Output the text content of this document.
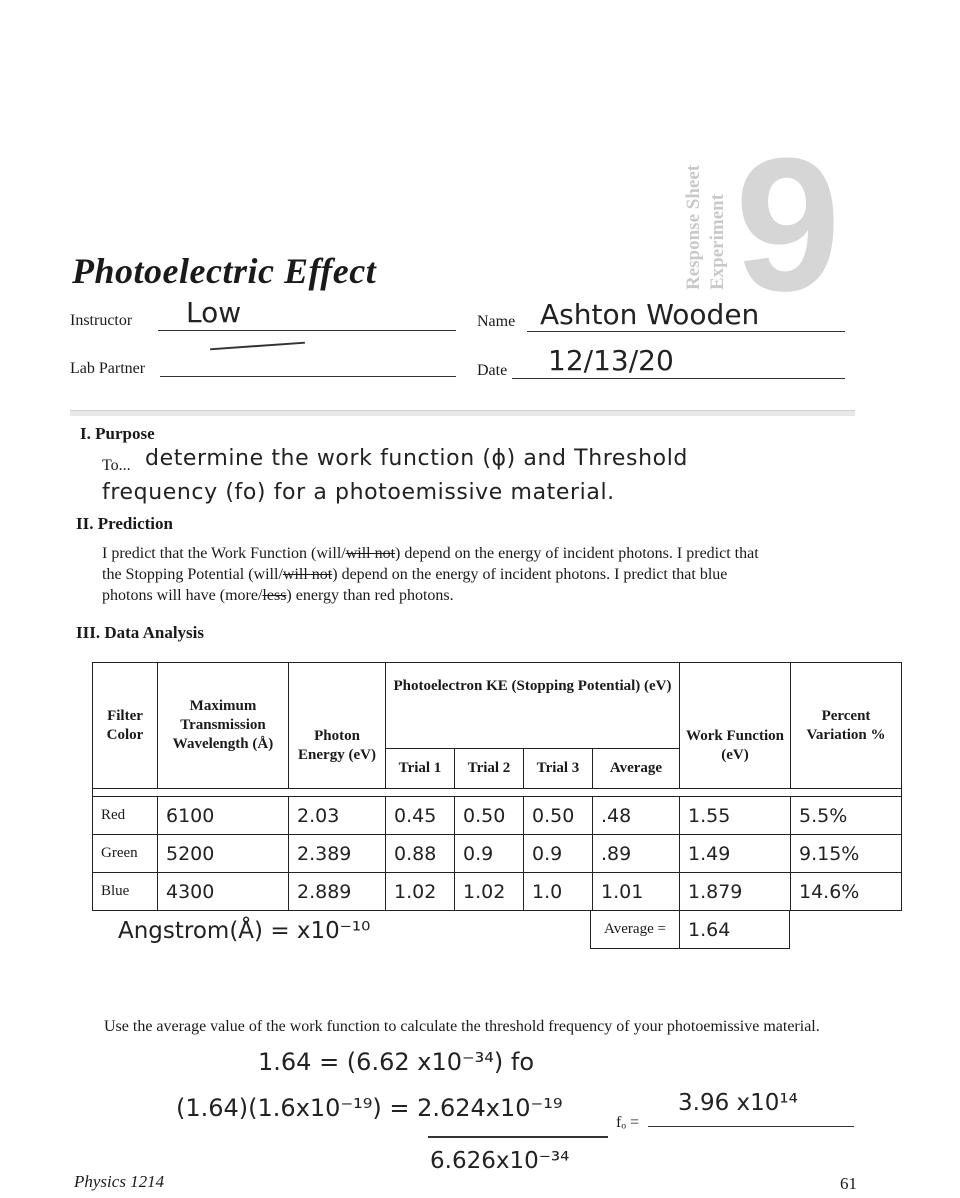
Response Sheet Experiment 9
Photoelectric Effect
Instructor Low	Name Ashton Wooden
Lab Partner	Date 12/13/20
I. Purpose
To... determine the work function (ϕ) and Threshold
frequency (fo) for a photoemissive material.
II. Prediction
I predict that the Work Function (will/will not) depend on the energy of incident photons. I predict that
the Stopping Potential (will/will not) depend on the energy of incident photons. I predict that blue
photons will have (more/less) energy than red photons.
III. Data Analysis
Filter Color	Maximum Transmission Wavelength (Å)	Photon Energy (eV)	Photoelectron KE (Stopping Potential) (eV)				Work Function (eV)	Percent Variation %
			Trial 1	Trial 2	Trial 3	Average		

Red	6100	2.03	0.45	0.50	0.50	.48	1.55	5.5%
Green	5200	2.389	0.88	0.9	0.9	.89	1.49	9.15%
Blue	4300	2.889	1.02	1.02	1.0	1.01	1.879	14.6%
Average =	1.64
Angstrom(Å) = x10⁻¹⁰
Use the average value of the work function to calculate the threshold frequency of your photoemissive material.
1.64 = (6.62 x10⁻³⁴) fo
(1.64)(1.6x10⁻¹⁹) = 2.624x10⁻¹⁹
6.626x10⁻³⁴
fₒ =
3.96 x10¹⁴
Physics 1214	61
